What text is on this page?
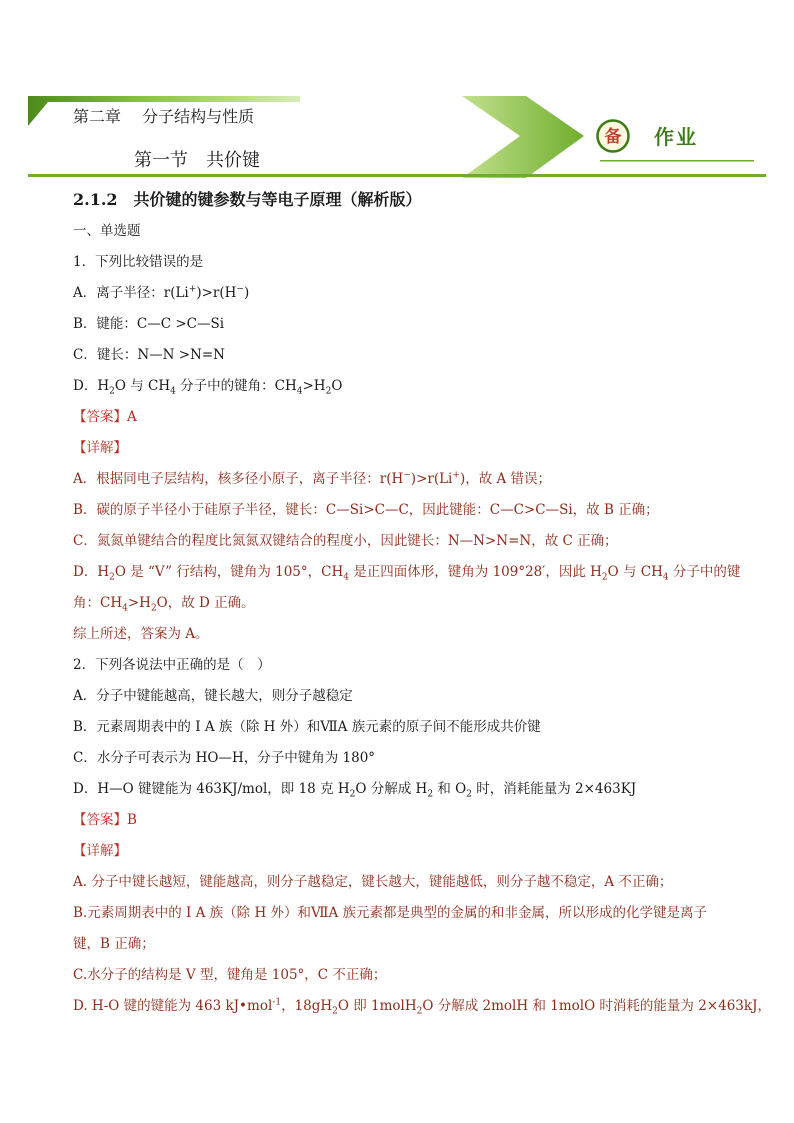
第二章　 分子结构与性质
第一节　共价键
备 作业
2.1.2　共价键的键参数与等电子原理（解析版）
一、单选题
1．下列比较错误的是
A．离子半径：r(Li+)>r(H−)
B．键能：C—C >C—Si
C．键长：N—N >N=N
D．$H_2O$ 与 $CH_4$ 分子中的键角：$CH_4>H_2O$
【答案】A
【详解】
A．根据同电子层结构，核多径小原子，离子半径：r(H−)>r(Li+)，故 A 错误；
B．碳的原子半径小于硅原子半径，键长：C—Si>C—C，因此键能：C—C>C—Si，故 B 正确；
C．氮氮单键结合的程度比氮氮双键结合的程度小，因此键长：N—N>N=N，故 C 正确；
D．$H_2O$ 是 “V” 行结构，键角为 105°，$CH_4$ 是正四面体形，键角为 109°28′，因此 $H_2O$ 与 $CH_4$ 分子中的键
角：$CH_4>H_2O$，故 D 正确。
综上所述，答案为 A。
2．下列各说法中正确的是（　）
A．分子中键能越高，键长越大，则分子越稳定
B．元素周期表中的 I A 族（除 H 外）和ⅦA 族元素的原子间不能形成共价键
C．水分子可表示为 HO—H，分子中键角为 180°
D．H—O 键键能为 463KJ/mol，即 18 克 $H_2O$ 分解成 $H_2$ 和 $O_2$ 时，消耗能量为 2×463KJ
【答案】B
【详解】
A. 分子中键长越短，键能越高，则分子越稳定，键长越大，键能越低，则分子越不稳定，A 不正确；
B.元素周期表中的 I A 族（除 H 外）和ⅦA 族元素都是典型的金属的和非金属，所以形成的化学键是离子
键，B 正确；
C.水分子的结构是 V 型，键角是 105°，C 不正确；
D. H-O 键的键能为 463 kJ•mol$^{-1}$，$18gH_2O$ 即 1molH$_2$O 分解成 2molH 和 1molO 时消耗的能量为 2×463kJ，
